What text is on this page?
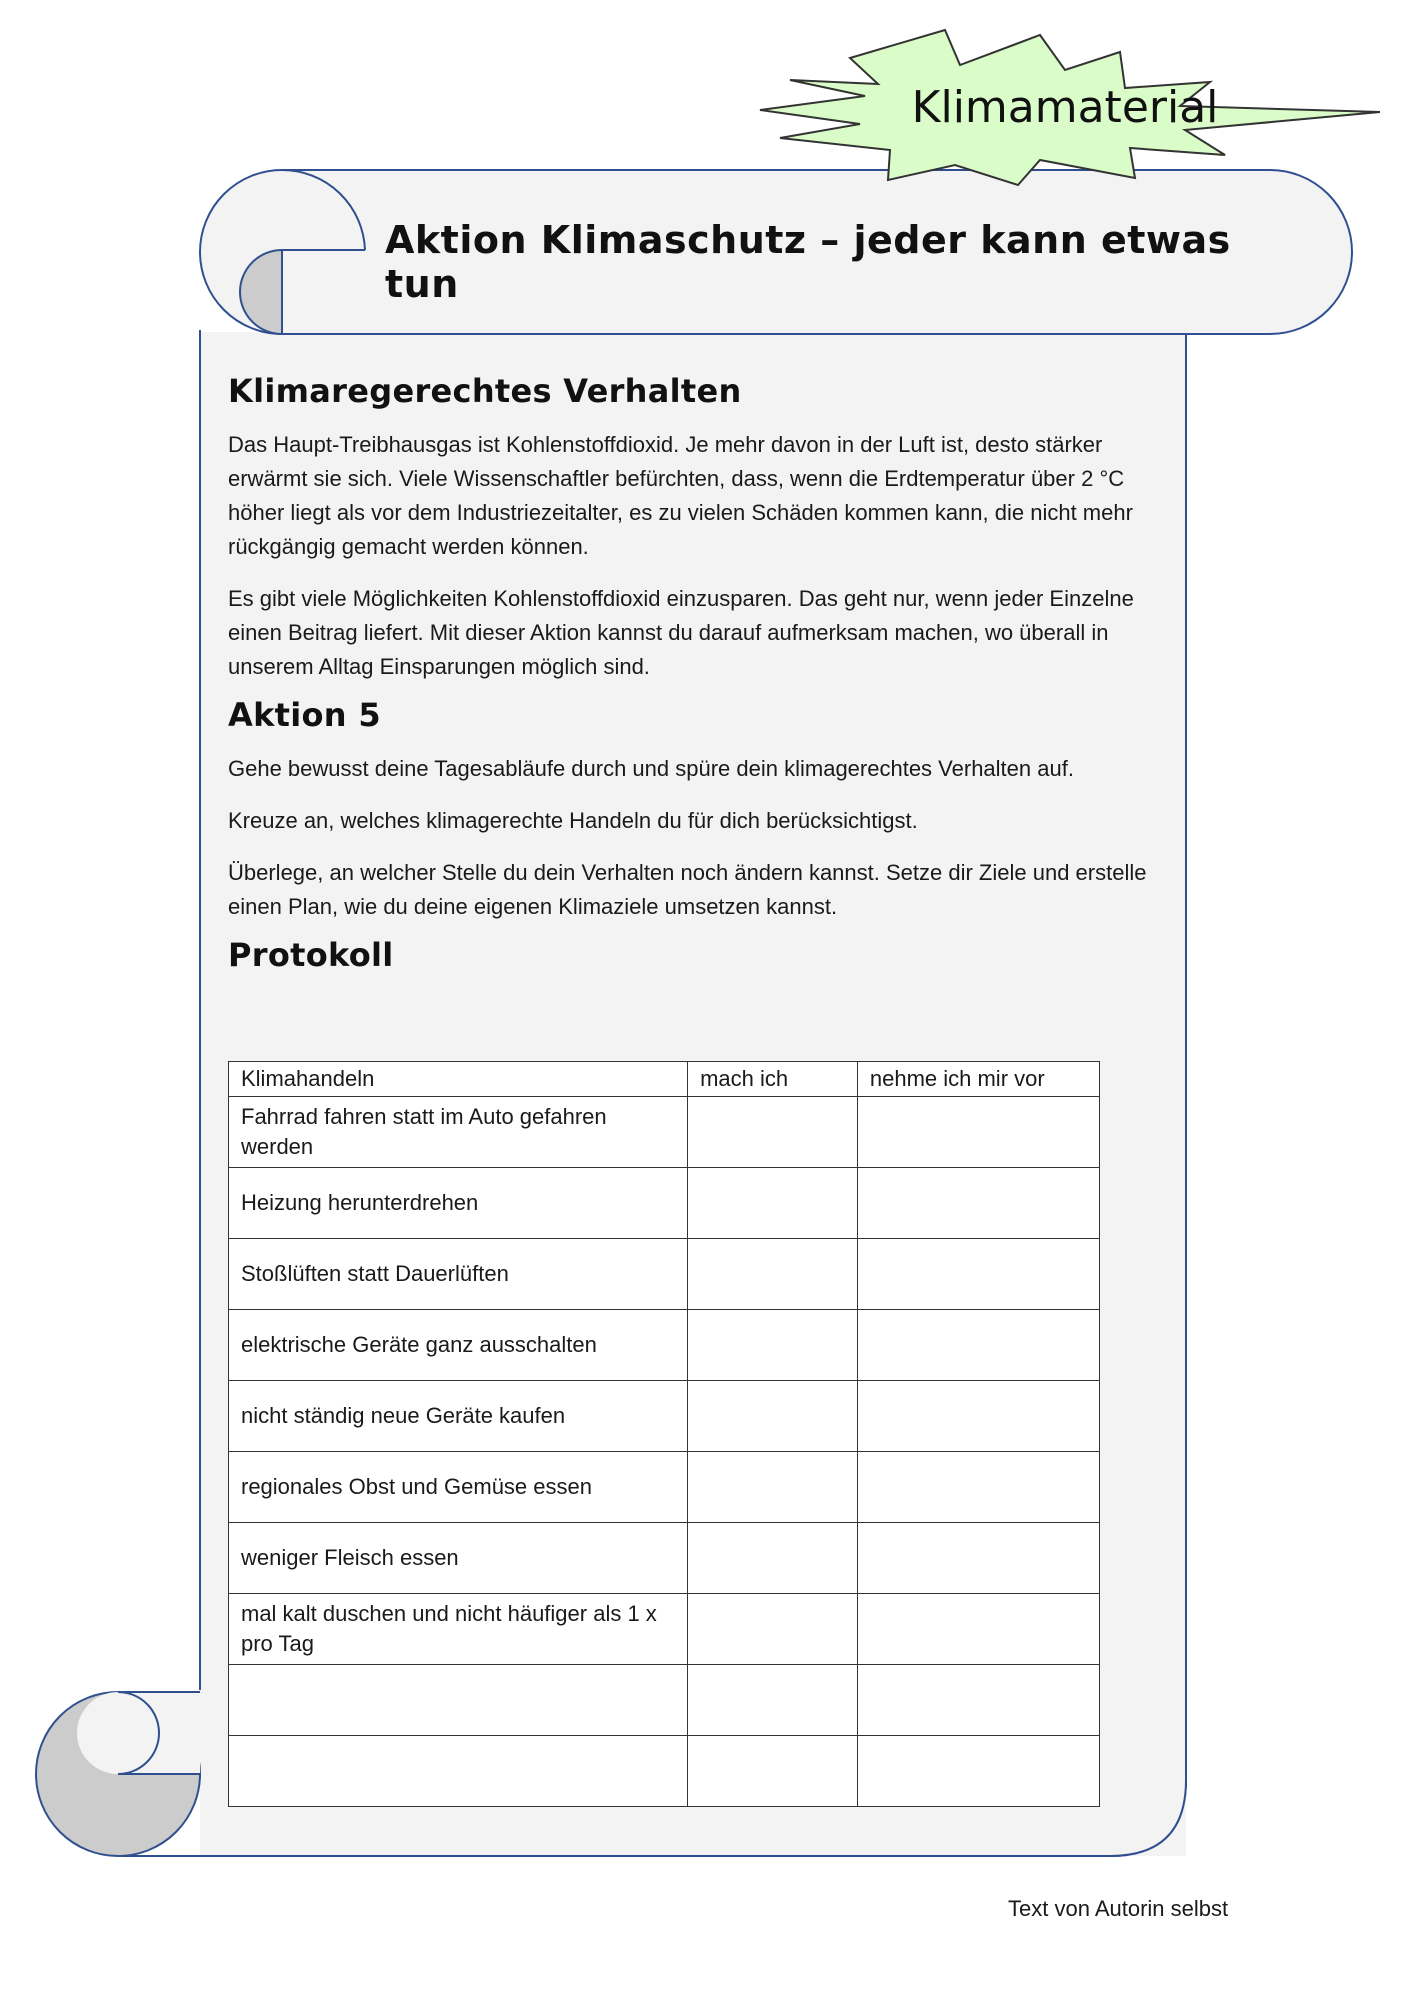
Klimamaterial
Aktion Klimaschutz – jeder kann etwas tun
Klimaregerechtes Verhalten

Das Haupt-Treibhausgas ist Kohlenstoffdioxid. Je mehr davon in der Luft ist, desto stärker erwärmt sie sich. Viele Wissenschaftler befürchten, dass, wenn die Erdtemperatur über 2 °C höher liegt als vor dem Industriezeitalter, es zu vielen Schäden kommen kann, die nicht mehr rückgängig gemacht werden können.

Es gibt viele Möglichkeiten Kohlenstoffdioxid einzusparen. Das geht nur, wenn jeder Einzelne einen Beitrag liefert. Mit dieser Aktion kannst du darauf aufmerksam machen, wo überall in unserem Alltag Einsparungen möglich sind.

Aktion 5

Gehe bewusst deine Tagesabläufe durch und spüre dein klimagerechtes Verhalten auf.

Kreuze an, welches klimagerechte Handeln du für dich berücksichtigst.

Überlege, an welcher Stelle du dein Verhalten noch ändern kannst. Setze dir Ziele und erstelle einen Plan, wie du deine eigenen Klimaziele umsetzen kannst.

Protokoll
Klimahandeln	mach ich	nehme ich mir vor
Fahrrad fahren statt im Auto gefahren werden		
Heizung herunterdrehen		
Stoßlüften statt Dauerlüften		
elektrische Geräte ganz ausschalten		
nicht ständig neue Geräte kaufen		
regionales Obst und Gemüse essen		
weniger Fleisch essen		
mal kalt duschen und nicht häufiger als 1 x pro Tag		

Text von Autorin selbst
